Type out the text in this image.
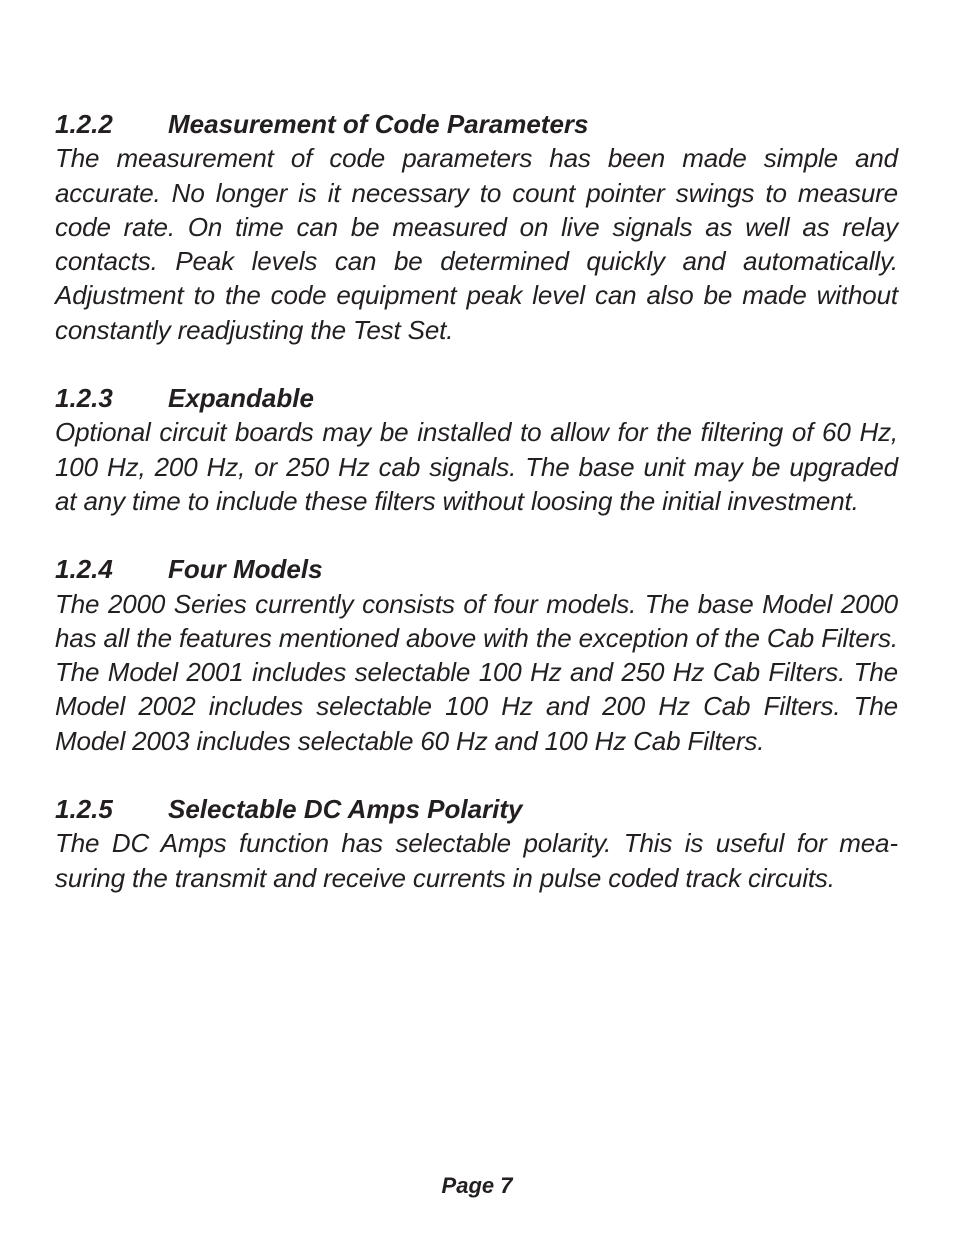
1.2.2	Measurement of Code Parameters
The measurement of code parameters has been made simple and accurate. No longer is it necessary to count pointer swings to measure code rate. On time can be measured on live signals as well as relay contacts. Peak levels can be determined quickly and automatically. Adjustment to the code equipment peak level can also be made without constantly readjusting the Test Set.
1.2.3	Expandable
Optional circuit boards may be installed to allow for the filtering of 60 Hz, 100 Hz, 200 Hz, or 250 Hz cab signals. The base unit may be upgraded at any time to include these filters without loosing the initial investment.
1.2.4	Four Models
The 2000 Series currently consists of four models. The base Model 2000 has all the features mentioned above with the exception of the Cab Filters. The Model 2001 includes selectable 100 Hz and 250 Hz Cab Filters. The Model 2002 includes selectable 100 Hz and 200 Hz Cab Filters. The Model 2003 includes selectable 60 Hz and 100 Hz Cab Filters.
1.2.5	Selectable DC Amps Polarity
The DC Amps function has selectable polarity. This is useful for measuring the transmit and receive currents in pulse coded track circuits.
Page 7
